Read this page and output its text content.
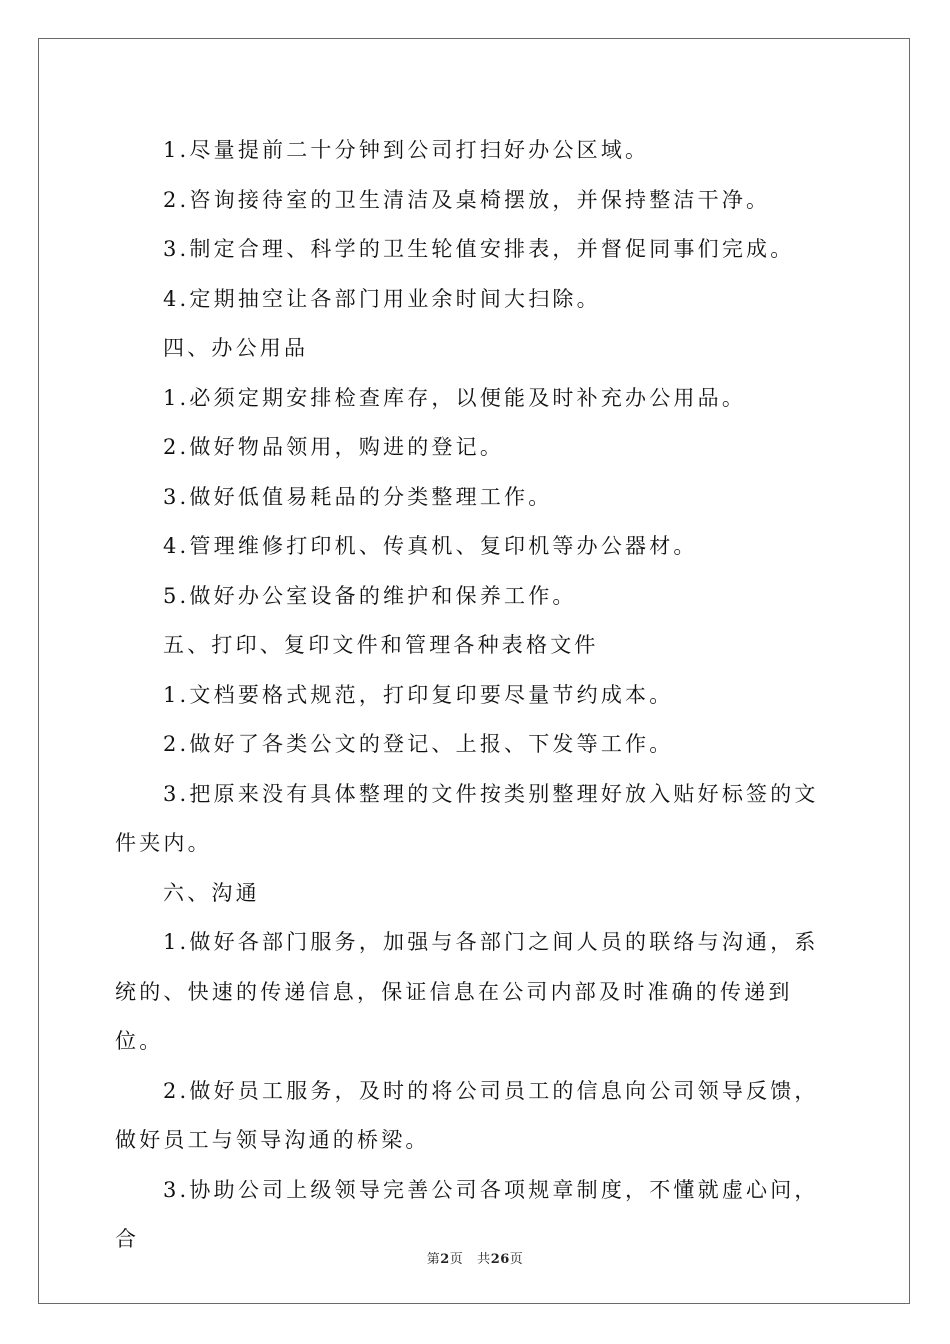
1.尽量提前二十分钟到公司打扫好办公区域。

2.咨询接待室的卫生清洁及桌椅摆放，并保持整洁干净。

3.制定合理、科学的卫生轮值安排表，并督促同事们完成。

4.定期抽空让各部门用业余时间大扫除。

四、办公用品

1.必须定期安排检查库存，以便能及时补充办公用品。

2.做好物品领用，购进的登记。

3.做好低值易耗品的分类整理工作。

4.管理维修打印机、传真机、复印机等办公器材。

5.做好办公室设备的维护和保养工作。

五、打印、复印文件和管理各种表格文件

1.文档要格式规范，打印复印要尽量节约成本。

2.做好了各类公文的登记、上报、下发等工作。

3.把原来没有具体整理的文件按类别整理好放入贴好标签的文件夹内。

六、沟通

1.做好各部门服务，加强与各部门之间人员的联络与沟通，系统的、快速的传递信息，保证信息在公司内部及时准确的传递到位。

2.做好员工服务，及时的将公司员工的信息向公司领导反馈，做好员工与领导沟通的桥梁。

3.协助公司上级领导完善公司各项规章制度，不懂就虚心问，合

第2页 共26页
